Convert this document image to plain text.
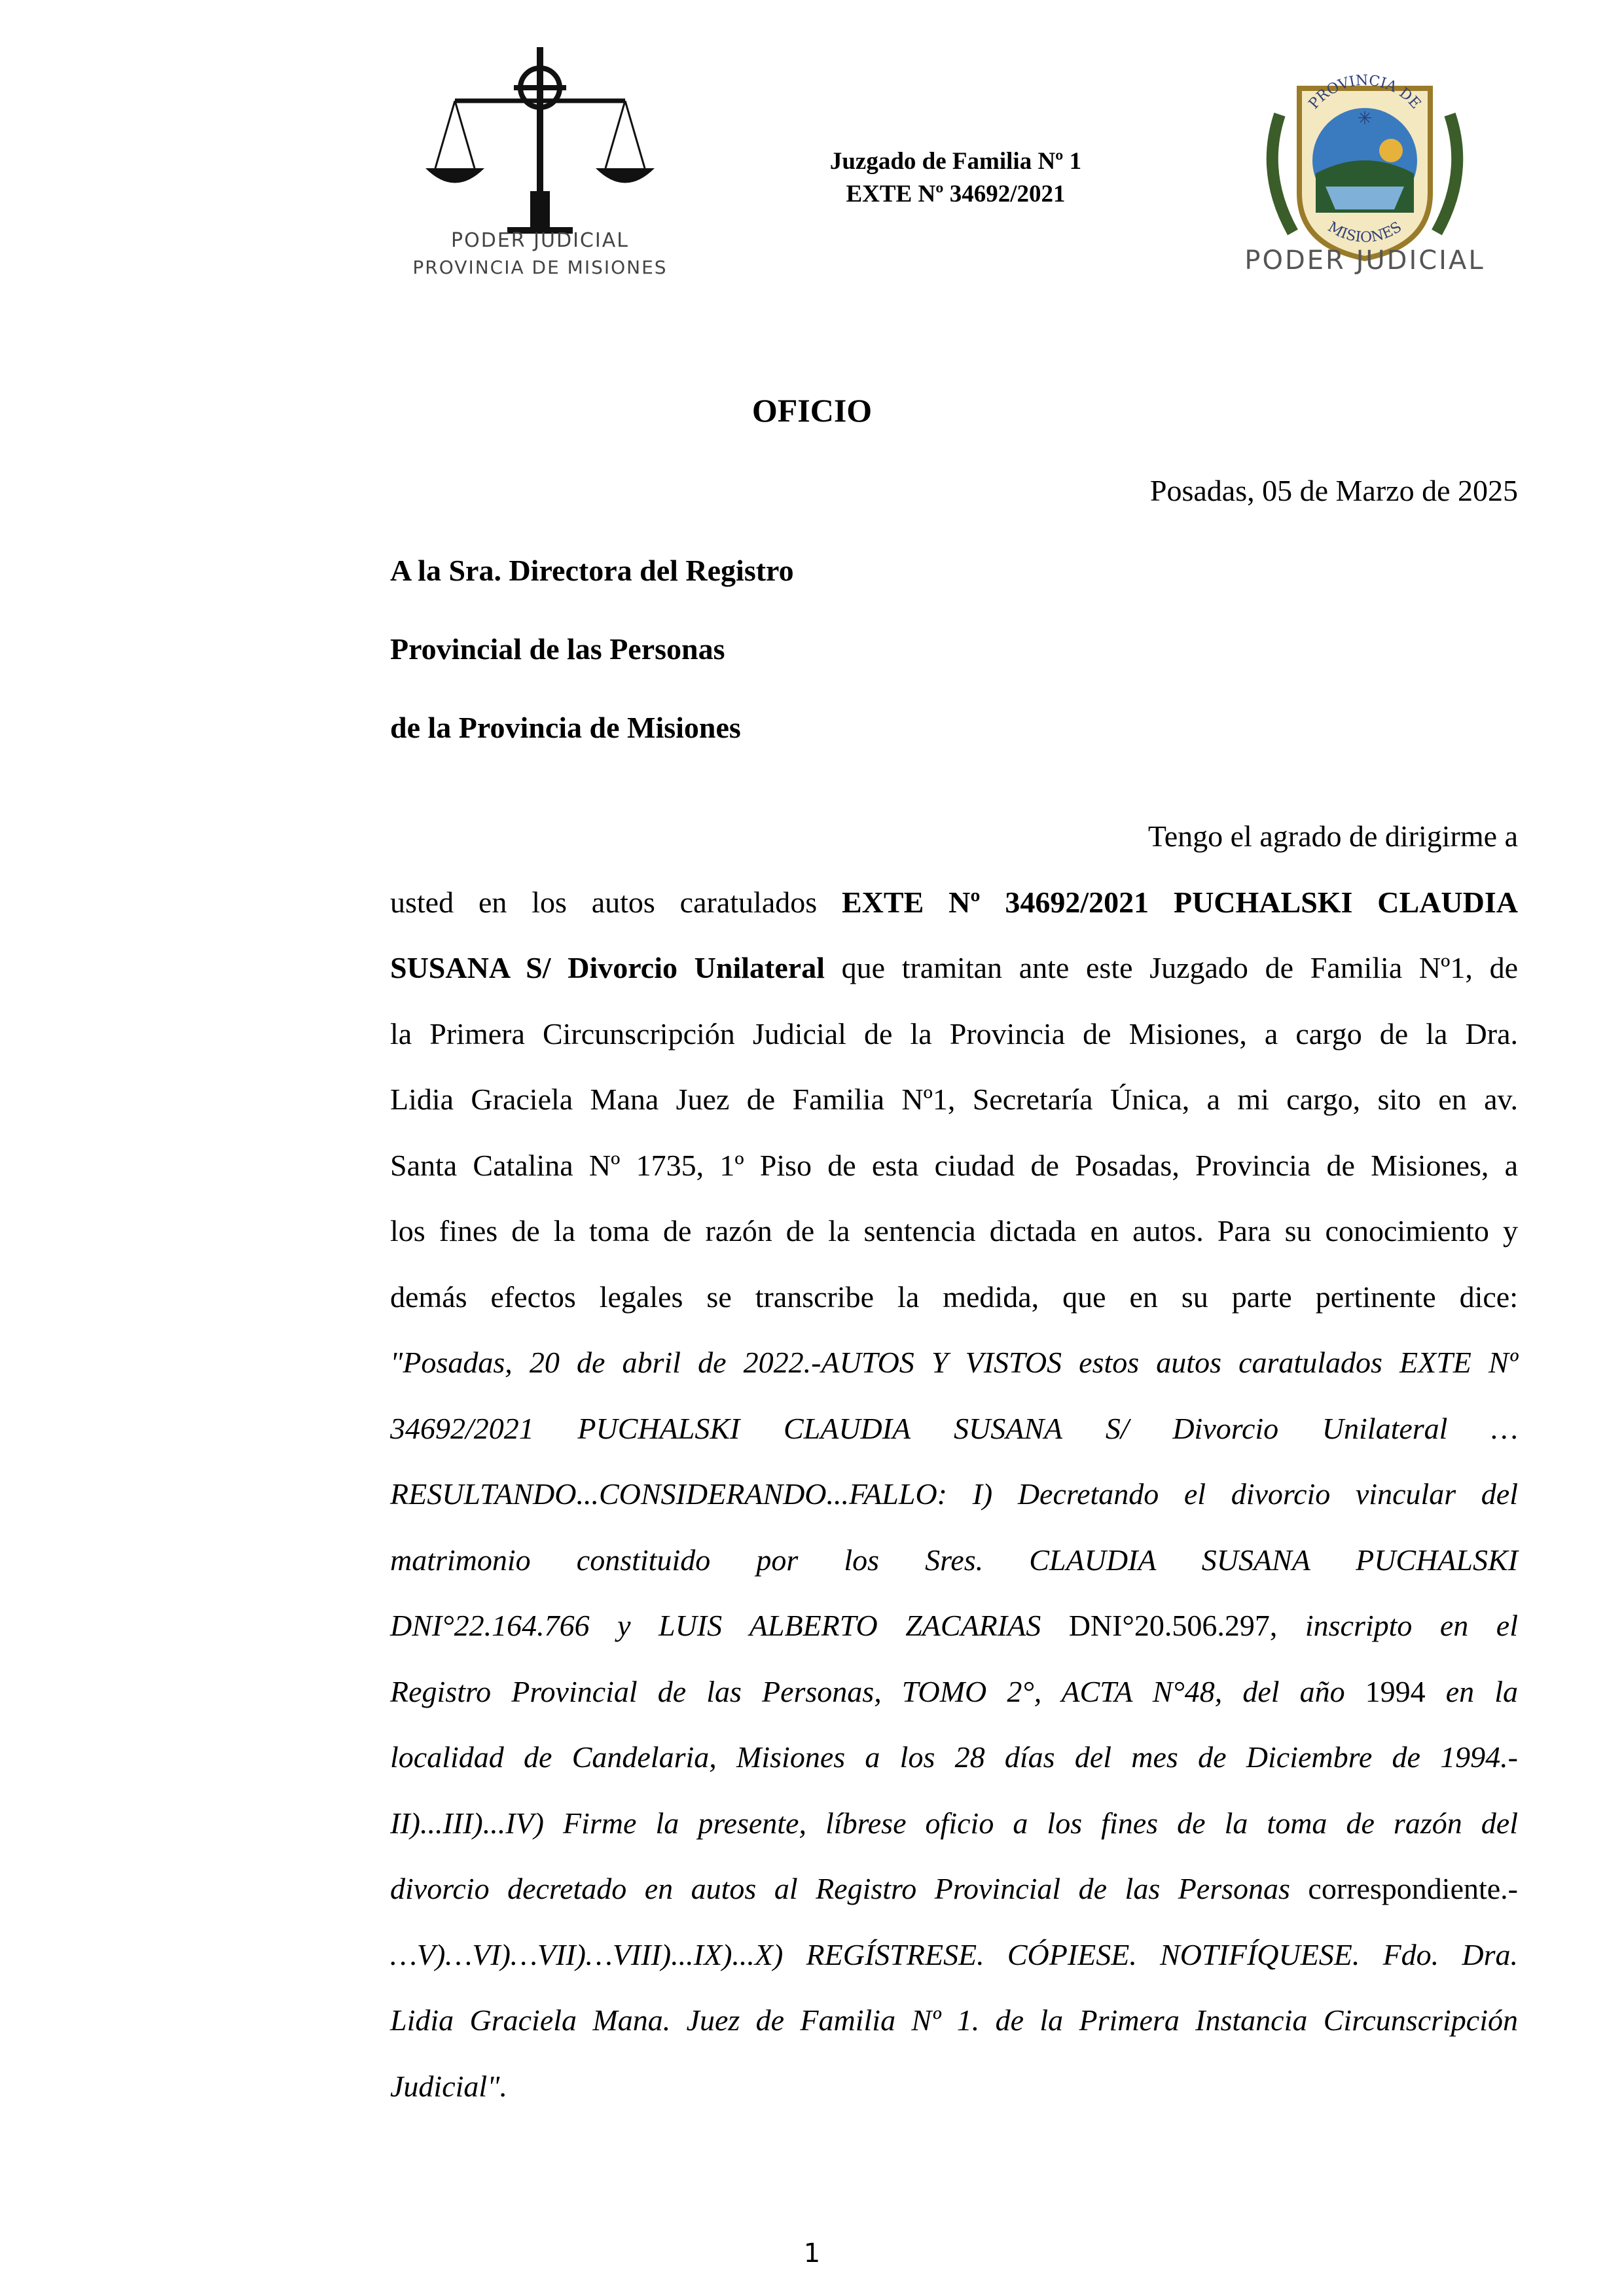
PODER JUDICIAL
PROVINCIA DE MISIONES
Juzgado de Familia Nº 1
EXTE Nº 34692/2021
✳
PROVINCIA DE
MISIONES
PODER JUDICIAL
OFICIO
Posadas, 05 de Marzo de 2025
A la Sra. Directora del Registro
Provincial de las Personas
de la Provincia de Misiones
Tengo el agrado de dirigirme a
usted en los autos caratulados EXTE Nº 34692/2021 PUCHALSKI CLAUDIA
SUSANA S/ Divorcio Unilateral que tramitan ante este Juzgado de Familia Nº1, de
la Primera Circunscripción Judicial de la Provincia de Misiones, a cargo de la Dra.
Lidia Graciela Mana Juez de Familia Nº1, Secretaría Única, a mi cargo, sito en av.
Santa Catalina Nº 1735, 1º Piso de esta ciudad de Posadas, Provincia de Misiones, a
los fines de la toma de razón de la sentencia dictada en autos. Para su conocimiento y
demás efectos legales se transcribe la medida, que en su parte pertinente dice:
"Posadas, 20 de abril de 2022.-AUTOS Y VISTOS estos autos caratulados EXTE Nº
34692/2021 PUCHALSKI CLAUDIA SUSANA S/ Divorcio Unilateral …
RESULTANDO...CONSIDERANDO...FALLO: I) Decretando el divorcio vincular del
matrimonio constituido por los Sres. CLAUDIA SUSANA PUCHALSKI
DNI°22.164.766 y LUIS ALBERTO ZACARIAS DNI°20.506.297, inscripto en el
Registro Provincial de las Personas, TOMO 2°, ACTA N°48, del año 1994 en la
localidad de Candelaria, Misiones a los 28 días del mes de Diciembre de 1994.-
II)...III)...IV) Firme la presente, líbrese oficio a los fines de la toma de razón del
divorcio decretado en autos al Registro Provincial de las Personas correspondiente.-
…V)…VI)…VII)…VIII)...IX)...X) REGÍSTRESE. CÓPIESE. NOTIFÍQUESE. Fdo. Dra.
Lidia Graciela Mana. Juez de Familia Nº 1. de la Primera Instancia Circunscripción
Judicial".
1
